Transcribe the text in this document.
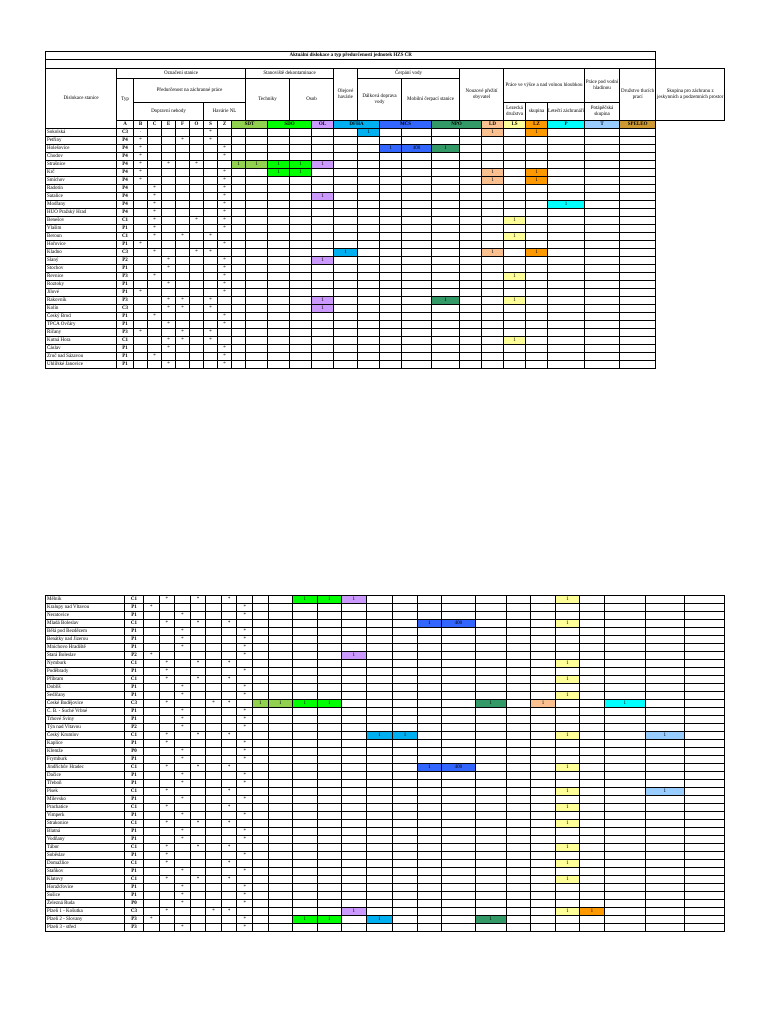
Aktuální dislokace a typ předurčenosti jednotek HZS ČR																										

Dislokace stanice	Označení stanice									Stanoviště dekontaminace				Olejové havárie	Čerpání vody				Nouzové přežití obyvatel		Práce ve výšce a nad volnou hloubkou			Práce pod vodní hladinou	Družstvo tlucích prací	Skupina pro záchranu z jeskynních a podzemních prostor
	Typ	Předurčenost na záchranné práce								Techniky		Osob			Dálková doprava vody		Mobilní čerpací stanice									
		Dopravní nehody					Havárie NL														Lezecká družstva	skupina	Letečtí záchranáři	Potápěčská skupina		
	A	B	C	E	F	O	S	Z	SDT		SDO		OL	DFHA		MČS		NPO		LD	LS	LZ	P	T	SPELEO	
Sokolská	C3	·					*								1					1		1				
Petřiny	P4	*			*		*																			
Holešovice	P4	*						*								1	400	1								
Chodov	P4	*						*																		
Strašnice	P4	*		*		*			1	1	1	1	1													
Krč	P4	*						*			1	1								1		1				
Smíchov	P4	*						*												1		1				
Radotín	P4		*					*																		
Satalice	P4		*					*					1													
Modřany	P4		*					*															1			
HÚO Pražský Hrad	P4		*					*																		
Benešov	C1		*			*		*													1					
Vlašim	P1		*					*																		
Beroun	C1		*		*		*														1					
Hořovice	P1	*						*																		
Kladno	C3		*			*	*							1						1		1				
Slaný	P2			*				*					1													
Stochov	P1			*				*																		
Řevnice	P3		*					*													1					
Roztoky	P1			*				*																		
Jílové	P1	*						*																		
Rakovník	P3			*	*		*						1					1			1					
Kolín	C3			*	*		*						1													
Český Brod	P1		*					*																		
TPCA Ovčáry	P1			*				*																		
Říčany	P3	*			*		*																			
Kutná Hora	C1			*	*		*														1					
Čáslav	P1			*				*																		
Zruč nad Sázavou	P1		*					*																		
Uhlířské Janovice	P1			*				*																		
Mělník	C1		*		*		*				1	1	1								1				
Kralupy nad Vltavou	P1	*						*																	
Neratovice	P1			*				*																	
Mladá Boleslav	C1		*		*		*									1	400				1				
Bělá pod Bezdězem	P1			*				*																	
Benátky nad Jizerou	P1			*				*																	
Mnichovo Hradiště	P1			*				*																	
Stará Boleslav	P2	*						*					1												
Nymburk	C1		*		*		*														1				
Poděbrady	P1		*					*																	
Příbram	C1		*		*		*														1				
Dobříš	P1			*				*																	
Sedlčany	P1			*				*													1				
České Budějovice	C3		*			*	*		1	1	1	1						1		1			1		
Č. B. - Suché Vrbné	P1			*				*																	
Trhové Sviny	P1			*				*																	
Týn nad Vltavou	P2			*				*																	
Český Krumlov	C1		*		*		*							1	1						1			1	
Kaplice	P1		*					*																	
Křemže	P0			*				*																	
Frymburk	P1			*				*																	
Jindřichův Hradec	C1		*		*		*									1	400				1				
Dačice	P1			*				*																	
Třeboň	P1			*				*																	
Písek	C1		*				*														1			1	
Milevsko	P1			*				*																	
Prachatice	C1		*				*														1				
Vimperk	P1			*				*																	
Strakonice	C1		*		*		*														1				
Blatná	P1			*				*																	
Vodňany	P1			*				*																	
Tábor	C1		*		*		*														1				
Soběslav	P1		*					*																	
Domažlice	C1		*				*														1				
Staňkov	P1			*				*																	
Klatovy	C1		*		*		*														1				
Horažďovice	P1			*				*																	
Sušice	P1			*				*																	
Železná Ruda	P0			*				*																	
Plzeň 1 - Košutka	C3		*			*	*						1								1	1			
Plzeň 2 - Slovany	P3	*						*			1	1		1				1							
Plzeň 3 - střed	P3			*				*																	
